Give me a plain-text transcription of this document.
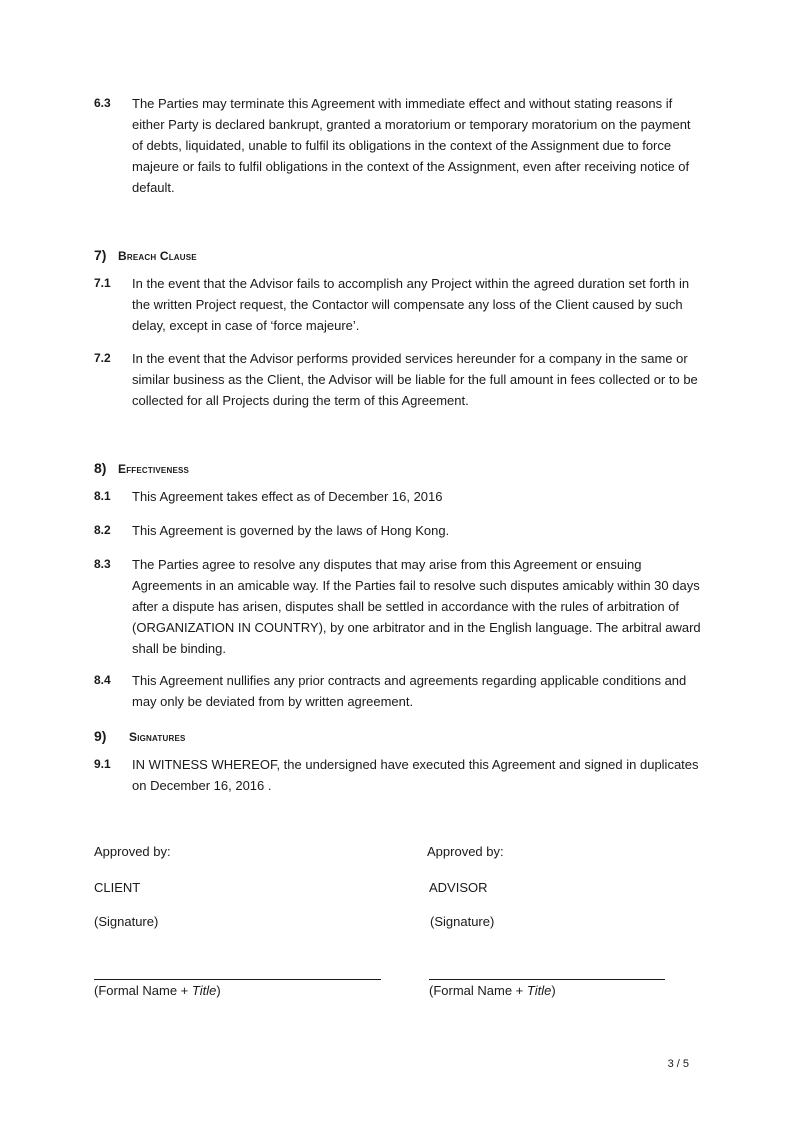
6.3	The Parties may terminate this Agreement with immediate effect and without stating reasons if either Party is declared bankrupt, granted a moratorium or temporary moratorium on the payment of debts, liquidated, unable to fulfil its obligations in the context of the Assignment due to force majeure or fails to fulfil obligations in the context of the Assignment, even after receiving notice of default.
7) Breach Clause
7.1	In the event that the Advisor fails to accomplish any Project within the agreed duration set forth in the written Project request, the Contactor will compensate any loss of the Client caused by such delay, except in case of ‘force majeure’.
7.2	In the event that the Advisor performs provided services hereunder for a company in the same or similar business as the Client, the Advisor will be liable for the full amount in fees collected or to be collected for all Projects during the term of this Agreement.
8) Effectiveness
8.1	This Agreement takes effect as of December 16, 2016
8.2	This Agreement is governed by the laws of Hong Kong.
8.3	The Parties agree to resolve any disputes that may arise from this Agreement or ensuing Agreements in an amicable way. If the Parties fail to resolve such disputes amicably within 30 days after a dispute has arisen, disputes shall be settled in accordance with the rules of arbitration of (ORGANIZATION IN COUNTRY), by one arbitrator and in the English language. The arbitral award shall be binding.
8.4	This Agreement nullifies any prior contracts and agreements regarding applicable conditions and may only be deviated from by written agreement.
9) Signatures
9.1	IN WITNESS WHEREOF, the undersigned have executed this Agreement and signed in duplicates on December 16, 2016 .
Approved by:
CLIENT
(Signature)
(Formal Name + Title)
Approved by:
ADVISOR
(Signature)
(Formal Name + Title)
3 / 5
